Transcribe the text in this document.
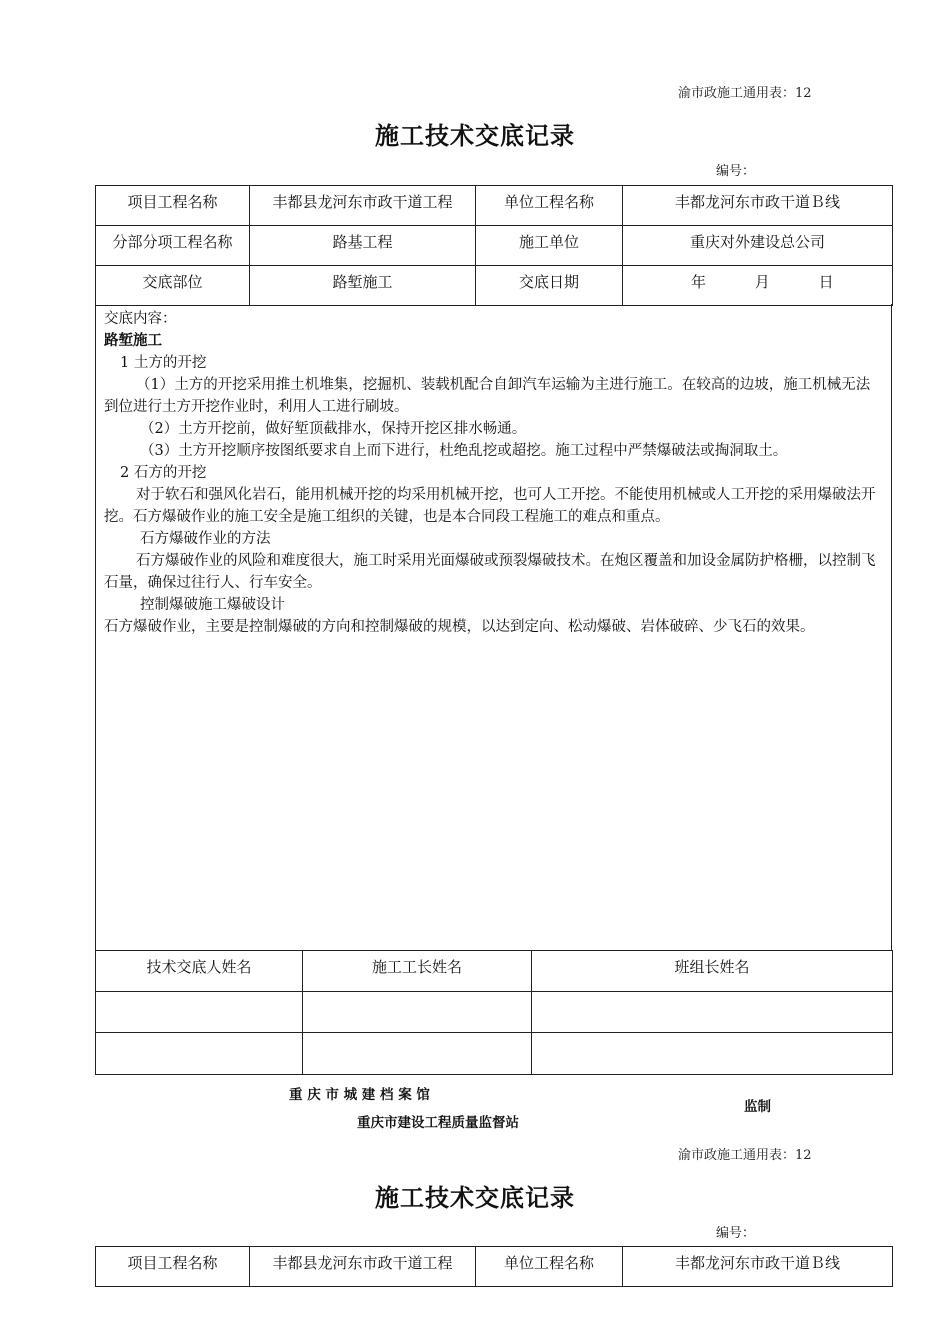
渝市政施工通用表：12
施工技术交底记录
编号：
项目工程名称	丰都县龙河东市政干道工程	单位工程名称	丰都龙河东市政干道Ｂ线
分部分项工程名称	路基工程	施工单位	重庆对外建设总公司
交底部位	路堑施工	交底日期	年 月 日

交底内容：

路堑施工

1 土方的开挖

（1）土方的开挖采用推土机堆集，挖掘机、装载机配合自卸汽车运输为主进行施工。在较高的边坡，施工机械无法到位进行土方开挖作业时，利用人工进行刷坡。

（2）土方开挖前，做好堑顶截排水，保持开挖区排水畅通。

（3）土方开挖顺序按图纸要求自上而下进行，杜绝乱挖或超挖。施工过程中严禁爆破法或掏洞取土。

2 石方的开挖

对于软石和强风化岩石，能用机械开挖的均采用机械开挖，也可人工开挖。不能使用机械或人工开挖的采用爆破法开挖。石方爆破作业的施工安全是施工组织的关键，也是本合同段工程施工的难点和重点。

石方爆破作业的方法

石方爆破作业的风险和难度很大，施工时采用光面爆破或预裂爆破技术。在炮区覆盖和加设金属防护格栅，以控制飞石量，确保过往行人、行车安全。

控制爆破施工爆破设计

石方爆破作业，主要是控制爆破的方向和控制爆破的规模，以达到定向、松动爆破、岩体破碎、少飞石的效果。

技术交底人姓名	施工工长姓名	班组长姓名

重 庆 市 城 建 档 案 馆
监制
重庆市建设工程质量监督站
渝市政施工通用表：12
施工技术交底记录
编号：
项目工程名称	丰都县龙河东市政干道工程	单位工程名称	丰都龙河东市政干道Ｂ线
